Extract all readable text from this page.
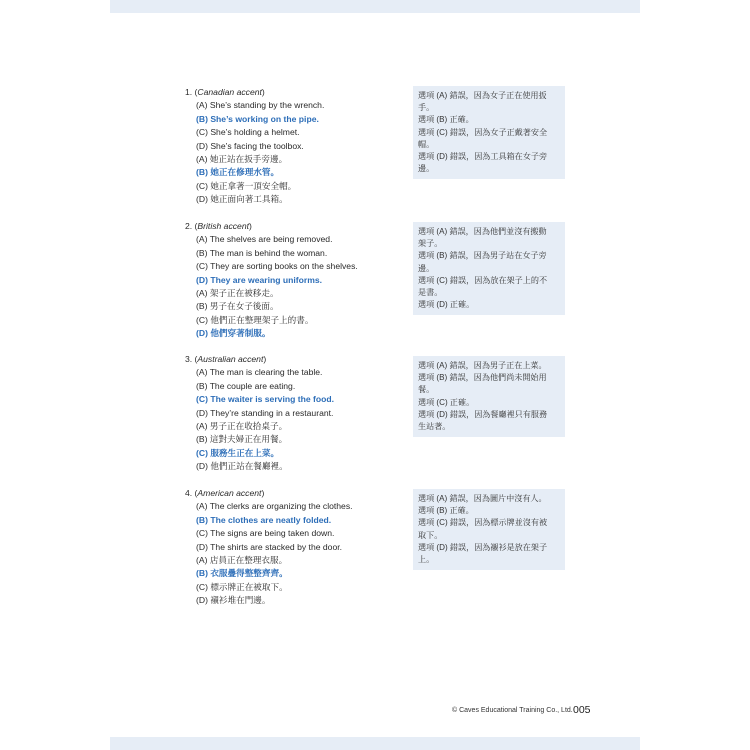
1. (Canadian accent)
(A) She’s standing by the wrench.
(B) She’s working on the pipe.
(C) She’s holding a helmet.
(D) She’s facing the toolbox.
(A) 她正站在扳手旁邊。
(B) 她正在修理水管。
(C) 她正拿著一頂安全帽。
(D) 她正面向著工具箱。
選項 (A) 錯誤，因為女子正在使用扳
手。
選項 (B) 正確。
選項 (C) 錯誤，因為女子正戴著安全
帽。
選項 (D) 錯誤，因為工具箱在女子旁
邊。
2. (British accent)
(A) The shelves are being removed.
(B) The man is behind the woman.
(C) They are sorting books on the shelves.
(D) They are wearing uniforms.
(A) 架子正在被移走。
(B) 男子在女子後面。
(C) 他們正在整理架子上的書。
(D) 他們穿著制服。
選項 (A) 錯誤，因為他們並沒有搬動
架子。
選項 (B) 錯誤，因為男子站在女子旁
邊。
選項 (C) 錯誤，因為放在架子上的不
是書。
選項 (D) 正確。
3. (Australian accent)
(A) The man is clearing the table.
(B) The couple are eating.
(C) The waiter is serving the food.
(D) They’re standing in a restaurant.
(A) 男子正在收拾桌子。
(B) 這對夫婦正在用餐。
(C) 服務生正在上菜。
(D) 他們正站在餐廳裡。
選項 (A) 錯誤，因為男子正在上菜。
選項 (B) 錯誤，因為他們尚未開始用
餐。
選項 (C) 正確。
選項 (D) 錯誤，因為餐廳裡只有服務
生站著。
4. (American accent)
(A) The clerks are organizing the clothes.
(B) The clothes are neatly folded.
(C) The signs are being taken down.
(D) The shirts are stacked by the door.
(A) 店員正在整理衣服。
(B) 衣服疊得整整齊齊。
(C) 標示牌正在被取下。
(D) 襯衫堆在門邊。
選項 (A) 錯誤，因為圖片中沒有人。
選項 (B) 正確。
選項 (C) 錯誤，因為標示牌並沒有被
取下。
選項 (D) 錯誤，因為襯衫是放在架子
上。
© Caves Educational Training Co., Ltd. 005
